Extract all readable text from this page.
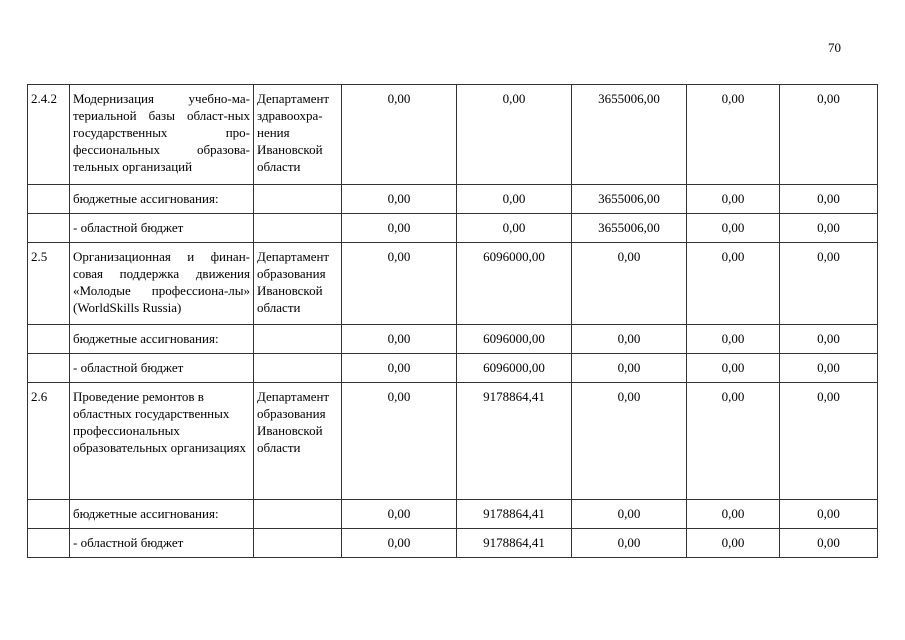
70
2.4.2	Модернизация учебно-ма-териальной базы област-ных государственных про-фессиональных образова-тельных организаций	Департамент здравоохра-нения Ивановской области	0,00	0,00	3655006,00	0,00	0,00
	бюджетные ассигнования:		0,00	0,00	3655006,00	0,00	0,00
	- областной бюджет		0,00	0,00	3655006,00	0,00	0,00
2.5	Организационная и финан-совая поддержка движения «Молодые профессиона-лы» (WorldSkills Russia)	Департамент образования Ивановской области	0,00	6096000,00	0,00	0,00	0,00
	бюджетные ассигнования:		0,00	6096000,00	0,00	0,00	0,00
	- областной бюджет		0,00	6096000,00	0,00	0,00	0,00
2.6	Проведение ремонтов в областных государственных профессиональных образовательных организациях	Департамент образования Ивановской области	0,00	9178864,41	0,00	0,00	0,00
	бюджетные ассигнования:		0,00	9178864,41	0,00	0,00	0,00
	- областной бюджет		0,00	9178864,41	0,00	0,00	0,00
